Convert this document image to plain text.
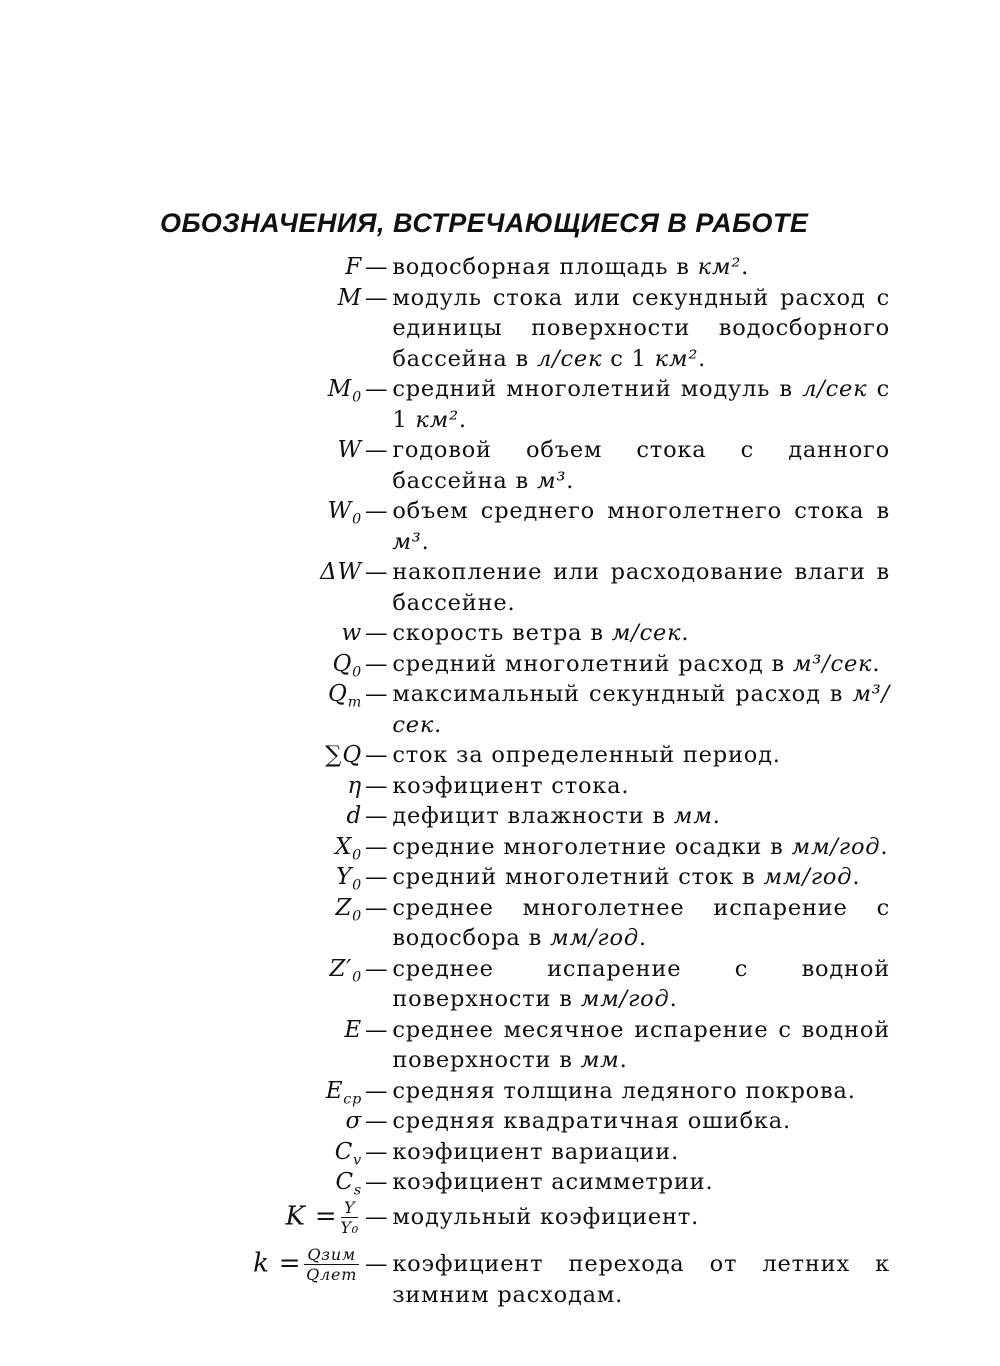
ОБОЗНАЧЕНИЯ, ВСТРЕЧАЮЩИЕСЯ В РАБОТЕ
F — водосборная площадь в км².
M — модуль стока или секундный расход с единицы поверхности водосборного бассейна в л/сек с 1 км².
$M_0$ — средний многолетний модуль в л/сек с 1 км².
W — годовой объем стока с данного бассейна в м³.
$W_0$ — объем среднего многолетнего стока в м³.
ΔW — накопление или расходование влаги в бассейне.
w — скорость ветра в м/сек.
$Q_0$ — средний многолетний расход в м³/сек.
$Q_m$ — максимальный секундный расход в м³/сек.
∑Q — сток за определенный период.
η — коэфициент стока.
d — дефицит влажности в мм.
$X_0$ — средние многолетние осадки в мм/год.
$Y_0$ — средний многолетний сток в мм/год.
$Z_0$ — среднее многолетнее испарение с водосбора в мм/год.
$Z'_0$ — среднее испарение с водной поверхности в мм/год.
E — среднее месячное испарение с водной поверхности в мм.
$E_{ср}$ — средняя толщина ледяного покрова.
σ — средняя квадратичная ошибка.
$C_v$ — коэфициент вариации.
$C_s$ — коэфициент асимметрии.
$K = \frac{Y}{\text{Y₀}}$ — модульный коэфициент.
$k = \frac{\text{Qзим}}{\text{Qлет}}$ — коэфициент перехода от летних к зимним расходам.
